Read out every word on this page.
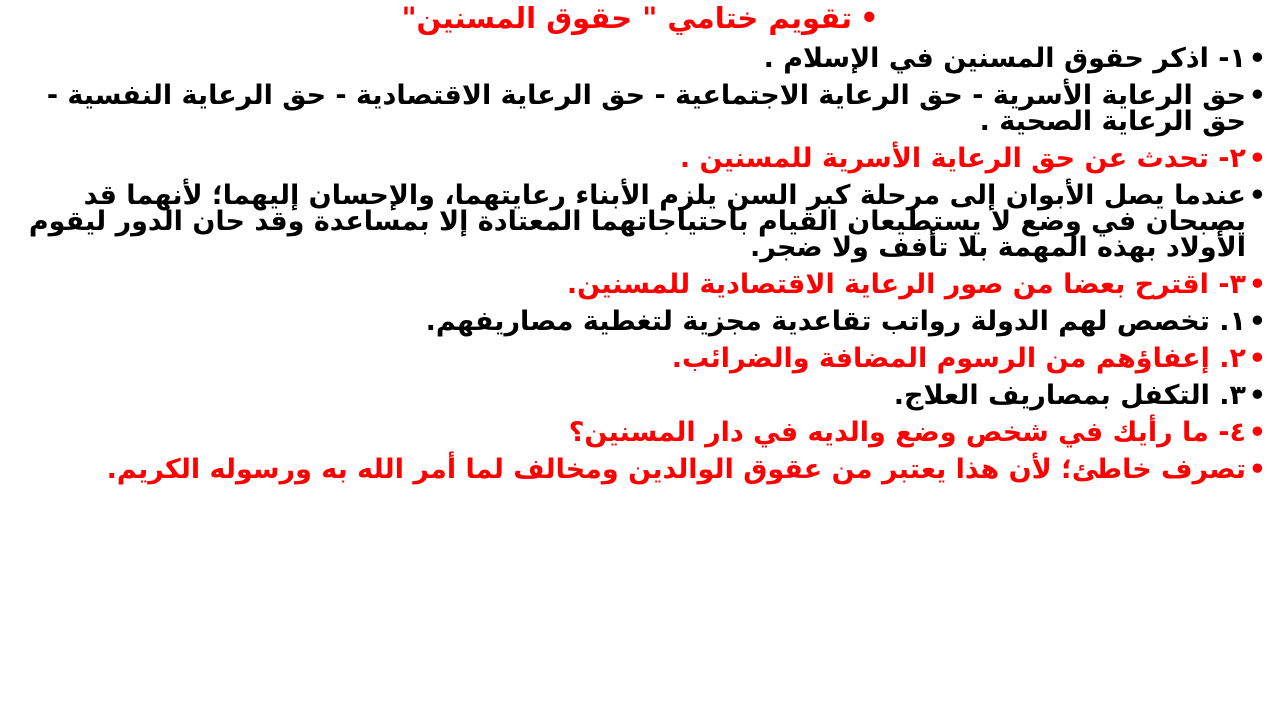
•تقويم ختامي " حقوق المسنين"
•
١- اذكر حقوق المسنين في الإسلام .
•
حق الرعاية الأسرية - حق الرعاية الاجتماعية - حق الرعاية الاقتصادية - حق الرعاية النفسية - حق الرعاية الصحية .
•
٢- تحدث عن حق الرعاية الأسرية للمسنين .
•
عندما يصل الأبوان إلى مرحلة كبر السن يلزم الأبناء رعايتهما، والإحسان إليهما؛ لأنهما قد يصبحان في وضع لا يستطيعان القيام باحتياجاتهما المعتادة إلا بمساعدة وقد حان الدور ليقوم الأولاد بهذه المهمة بلا تأفف ولا ضجر.
•
٣- اقترح بعضا من صور الرعاية الاقتصادية للمسنين.
•
١. تخصص لهم الدولة رواتب تقاعدية مجزية لتغطية مصاريفهم.
•
٢. إعفاؤهم من الرسوم المضافة والضرائب.
•
٣. التكفل بمصاريف العلاج.
•
٤- ما رأيك في شخص وضع والديه في دار المسنين؟
•
تصرف خاطئ؛ لأن هذا يعتبر من عقوق الوالدين ومخالف لما أمر الله به ورسوله الكريم.
